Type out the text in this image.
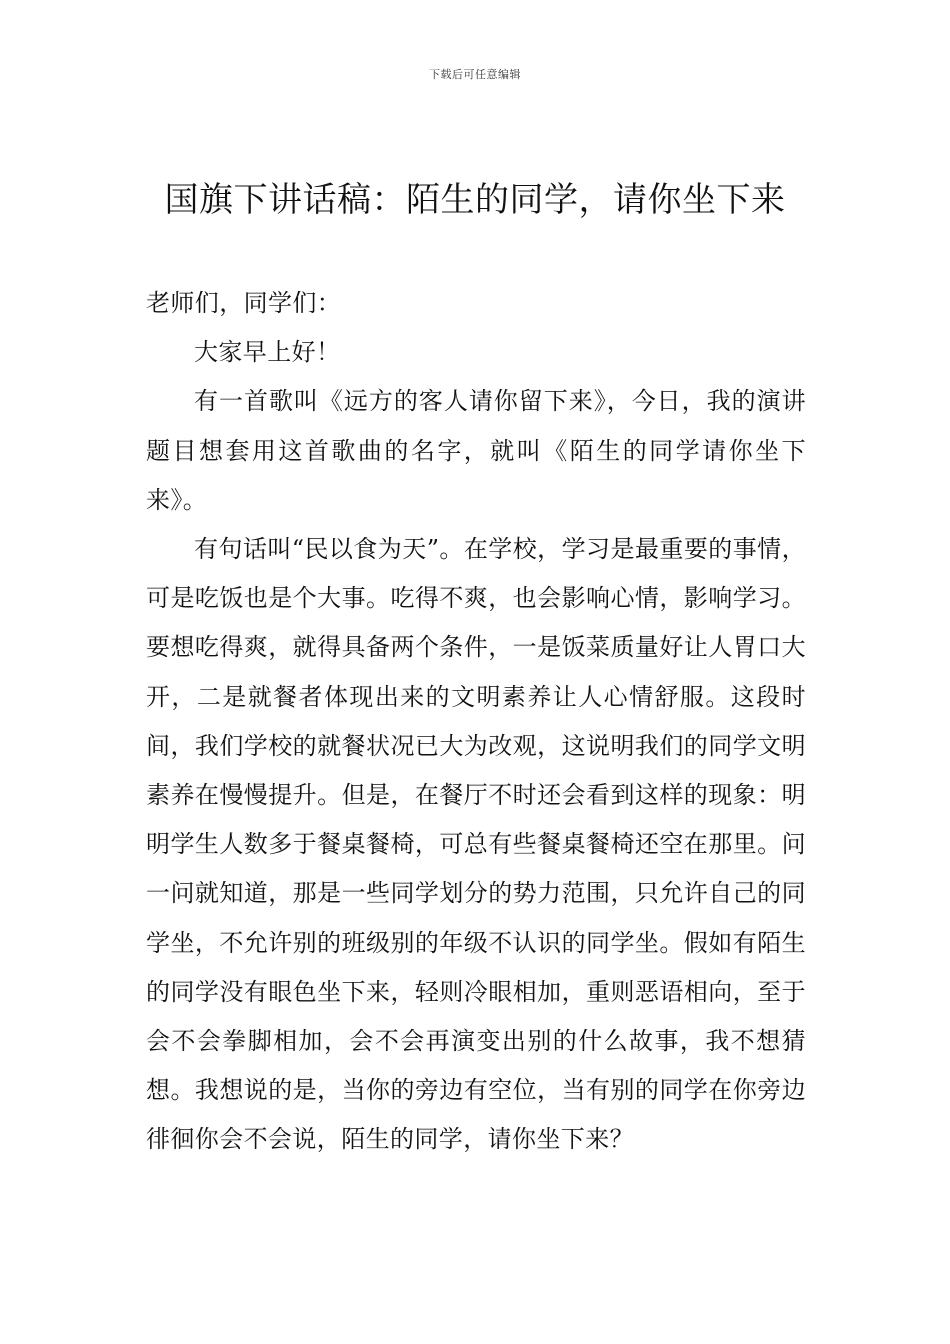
下载后可任意编辑
国旗下讲话稿：陌生的同学，请你坐下来

老师们，同学们：

大家早上好！

有一首歌叫《远方的客人请你留下来》，今日，我的演讲题目想套用这首歌曲的名字，就叫《陌生的同学请你坐下来》。

有句话叫“民以食为天”。在学校，学习是最重要的事情，可是吃饭也是个大事。吃得不爽，也会影响心情，影响学习。要想吃得爽，就得具备两个条件，一是饭菜质量好让人胃口大开，二是就餐者体现出来的文明素养让人心情舒服。这段时间，我们学校的就餐状况已大为改观，这说明我们的同学文明素养在慢慢提升。但是，在餐厅不时还会看到这样的现象：明明学生人数多于餐桌餐椅，可总有些餐桌餐椅还空在那里。问一问就知道，那是一些同学划分的势力范围，只允许自己的同学坐，不允许别的班级别的年级不认识的同学坐。假如有陌生的同学没有眼色坐下来，轻则冷眼相加，重则恶语相向，至于会不会拳脚相加，会不会再演变出别的什么故事，我不想猜想。我想说的是，当你的旁边有空位，当有别的同学在你旁边徘徊你会不会说，陌生的同学，请你坐下来？
